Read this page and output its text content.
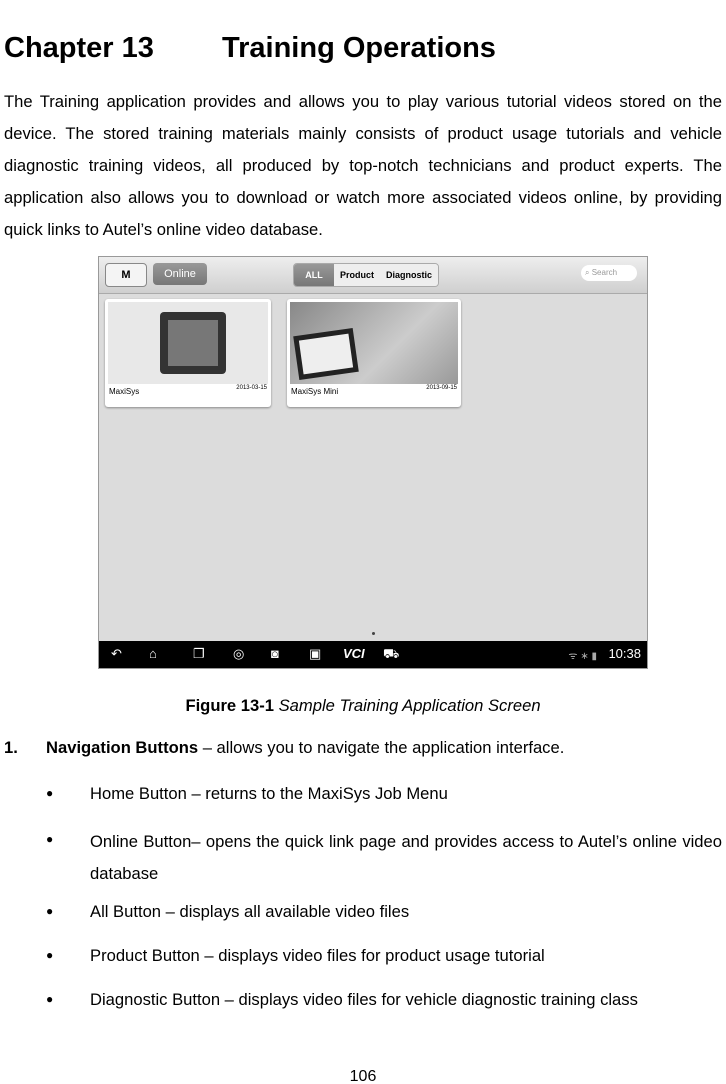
Chapter 13 Training Operations
The Training application provides and allows you to play various tutorial videos stored on the device. The stored training materials mainly consists of product usage tutorials and vehicle diagnostic training videos, all produced by top-notch technicians and product experts. The application also allows you to download or watch more associated videos online, by providing quick links to Autel’s online video database.
M	Online	ALL	Product	Diagnostic	⌕ Search
MaxiSys	2013-03-15	MaxiSys Mini	2013-09-15
↶ ⌂	❐ ◎ ◙ ▣ VCI ⛟	ᯤ ∗ ▮ 10:38
Figure 13-1 Sample Training Application Screen
1. Navigation Buttons – allows you to navigate the application interface.
● Home Button – returns to the MaxiSys Job Menu
● Online Button– opens the quick link page and provides access to Autel’s online video database
● All Button – displays all available video files
● Product Button – displays video files for product usage tutorial
● Diagnostic Button – displays video files for vehicle diagnostic training class
106
